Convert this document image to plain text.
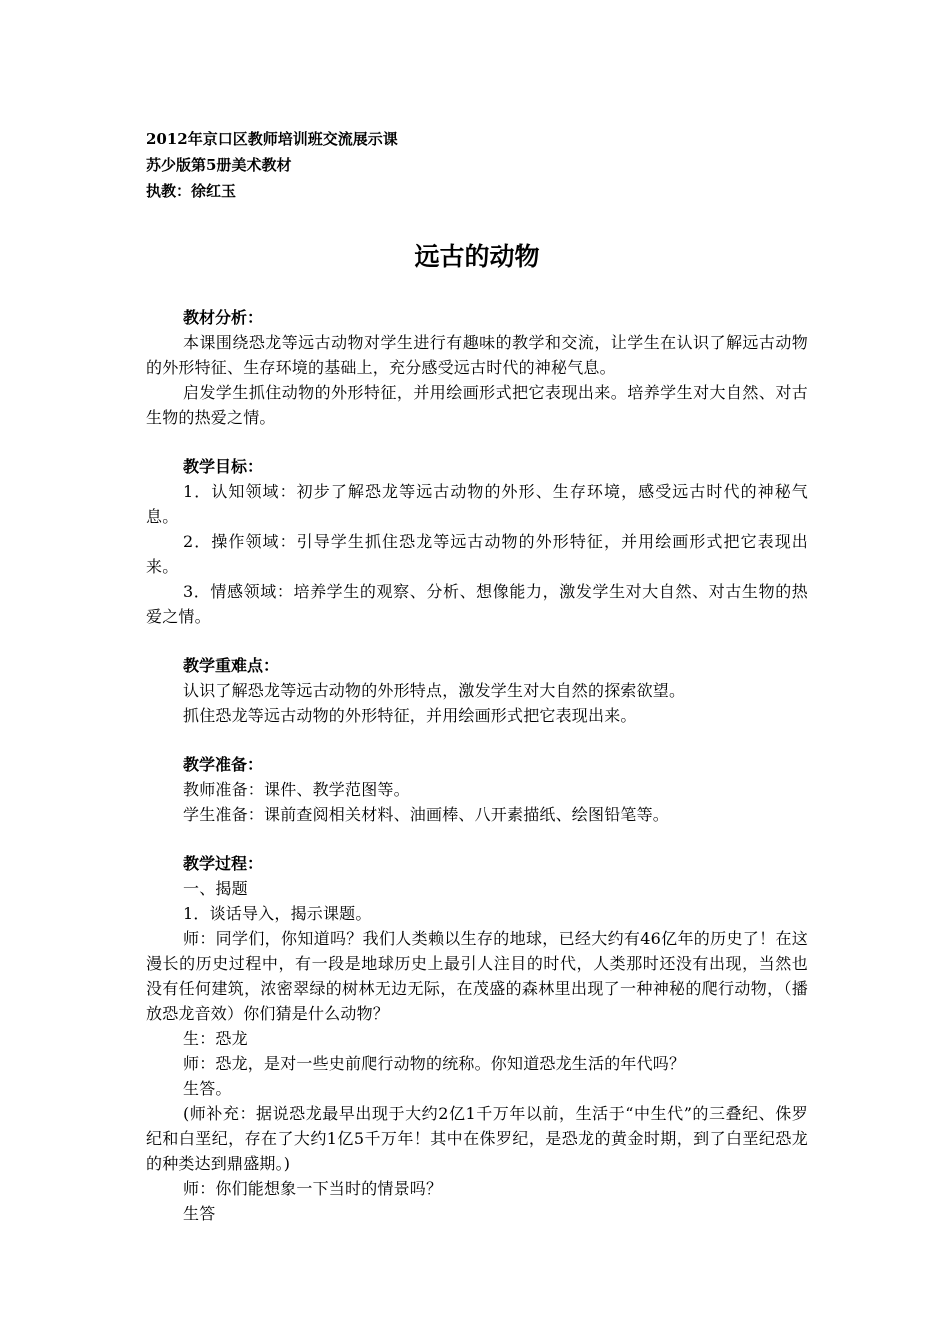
2012年京口区教师培训班交流展示课

苏少版第5册美术教材

执教：徐红玉

远古的动物

教材分析：

本课围绕恐龙等远古动物对学生进行有趣味的教学和交流，让学生在认识了解远古动物的外形特征、生存环境的基础上，充分感受远古时代的神秘气息。

启发学生抓住动物的外形特征，并用绘画形式把它表现出来。培养学生对大自然、对古生物的热爱之情。

教学目标：

1．认知领域：初步了解恐龙等远古动物的外形、生存环境，感受远古时代的神秘气息。

2．操作领域：引导学生抓住恐龙等远古动物的外形特征，并用绘画形式把它表现出来。

3．情感领域：培养学生的观察、分析、想像能力，激发学生对大自然、对古生物的热爱之情。

教学重难点：

认识了解恐龙等远古动物的外形特点，激发学生对大自然的探索欲望。

抓住恐龙等远古动物的外形特征，并用绘画形式把它表现出来。

教学准备：

教师准备：课件、教学范图等。

学生准备：课前查阅相关材料、油画棒、八开素描纸、绘图铅笔等。

教学过程：

一、揭题

1．谈话导入，揭示课题。

师：同学们，你知道吗？我们人类赖以生存的地球，已经大约有46亿年的历史了！在这漫长的历史过程中，有一段是地球历史上最引人注目的时代，人类那时还没有出现，当然也没有任何建筑，浓密翠绿的树林无边无际，在茂盛的森林里出现了一种神秘的爬行动物，（播放恐龙音效）你们猜是什么动物？

生：恐龙

师：恐龙，是对一些史前爬行动物的统称。你知道恐龙生活的年代吗？

生答。

(师补充：据说恐龙最早出现于大约2亿1千万年以前，生活于“中生代”的三叠纪、侏罗纪和白垩纪，存在了大约1亿5千万年！其中在侏罗纪，是恐龙的黄金时期，到了白垩纪恐龙的种类达到鼎盛期。)

师：你们能想象一下当时的情景吗？

生答
